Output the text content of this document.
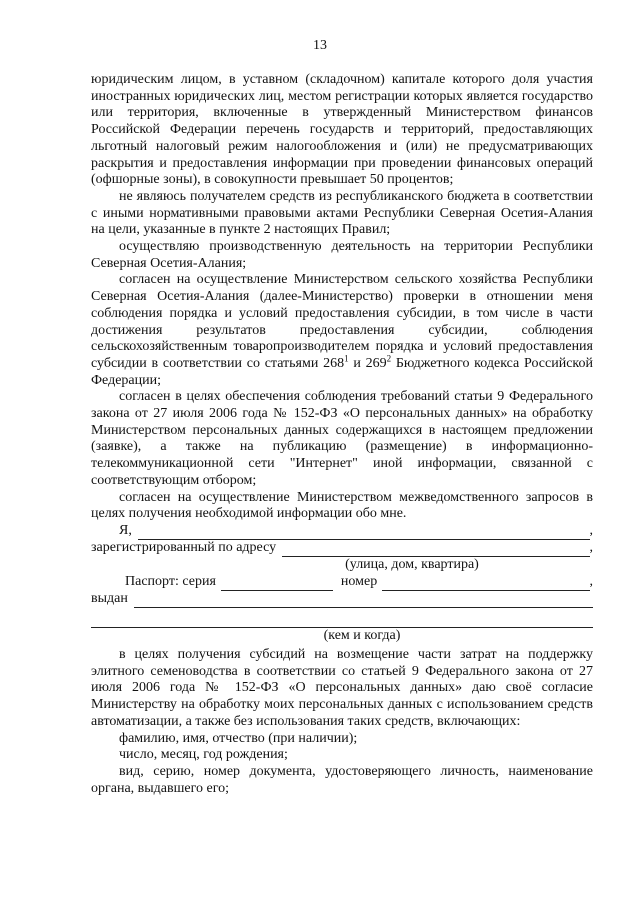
13

юридическим лицом, в уставном (складочном) капитале которого доля участия иностранных юридических лиц, местом регистрации которых является государство или территория, включенные в утвержденный Министерством финансов Российской Федерации перечень государств и территорий, предоставляющих льготный налоговый режим налогообложения и (или) не предусматривающих раскрытия и предоставления информации при проведении финансовых операций (офшорные зоны), в совокупности превышает 50 процентов;

не являюсь получателем средств из республиканского бюджета в соответствии с иными нормативными правовыми актами Республики Северная Осетия-Алания на цели, указанные в пункте 2 настоящих Правил;

осуществляю производственную деятельность на территории Республики Северная Осетия-Алания;

согласен на осуществление Министерством сельского хозяйства Республики Северная Осетия-Алания (далее-Министерство) проверки в отношении меня соблюдения порядка и условий предоставления субсидии, в том числе в части достижения результатов предоставления субсидии, соблюдения сельскохозяйственным товаропроизводителем порядка и условий предоставления субсидии в соответствии со статьями $268^1$ и $269^2$ Бюджетного кодекса Российской Федерации;

согласен в целях обеспечения соблюдения требований статьи 9 Федерального закона от 27 июля 2006 года № 152-ФЗ «О персональных данных» на обработку Министерством персональных данных содержащихся в настоящем предложении (заявке), а также на публикацию (размещение) в информационно-телекоммуникационной сети "Интернет" иной информации, связанной с соответствующим отбором;

согласен на осуществление Министерством межведомственного запросов в целях получения необходимой информации обо мне.

Я,	,
зарегистрированный по адресу	,
(улица, дом, квартира)
Паспорт: серия	номер	,
выдан
(кем и когда)

в целях получения субсидий на возмещение части затрат на поддержку элитного семеноводства в соответствии со статьей 9 Федерального закона от 27 июля 2006 года № 152-ФЗ «О персональных данных» даю своё согласие Министерству на обработку моих персональных данных с использованием средств автоматизации, а также без использования таких средств, включающих:

фамилию, имя, отчество (при наличии);
число, месяц, год рождения;
вид, серию, номер документа, удостоверяющего личность, наименование органа, выдавшего его;
